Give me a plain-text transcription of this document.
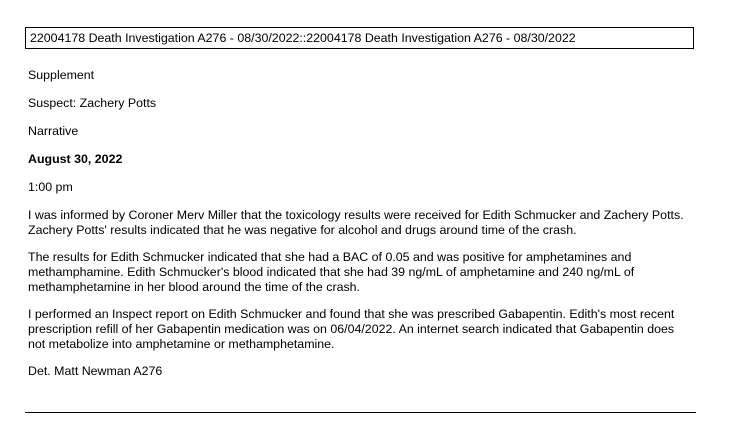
22004178 Death Investigation A276 - 08/30/2022::22004178 Death Investigation A276 - 08/30/2022
Supplement
Suspect: Zachery Potts
Narrative
August 30, 2022
1:00 pm

I was informed by Coroner Merv Miller that the toxicology results were received for Edith Schmucker and Zachery Potts. Zachery Potts' results indicated that he was negative for alcohol and drugs around time of the crash.

The results for Edith Schmucker indicated that she had a BAC of 0.05 and was positive for amphetamines and methamphamine. Edith Schmucker's blood indicated that she had 39 ng/mL of amphetamine and 240 ng/mL of methamphetamine in her blood around the time of the crash.

I performed an Inspect report on Edith Schmucker and found that she was prescribed Gabapentin. Edith's most recent prescription refill of her Gabapentin medication was on 06/04/2022. An internet search indicated that Gabapentin does not metabolize into amphetamine or methamphetamine.

Det. Matt Newman A276
